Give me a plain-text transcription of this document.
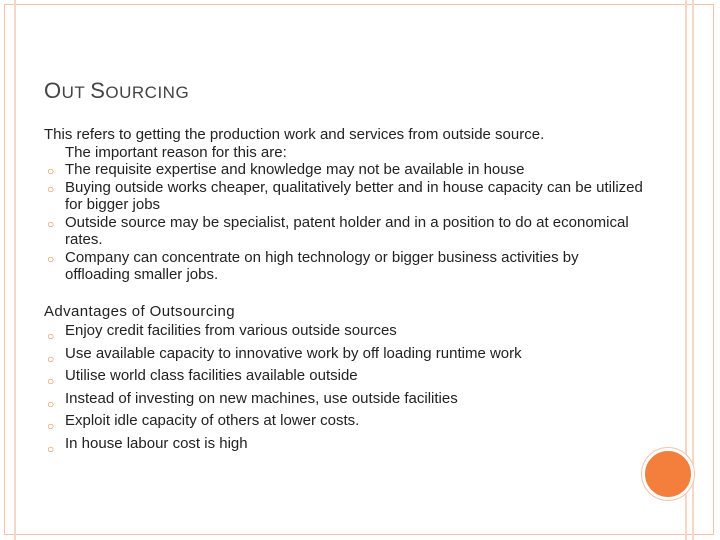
OUT SOURCING
This refers to getting the production work and services from outside source.
The important reason for this are:
○ The requisite expertise and knowledge may not be available in house
○ Buying outside works cheaper, qualitatively better and in house capacity can be utilized for bigger jobs
○ Outside source may be specialist, patent holder and in a position to do at economical rates.
○ Company can concentrate on high technology or bigger business activities by offloading smaller jobs.
Advantages of Outsourcing
○ Enjoy credit facilities from various outside sources
○ Use available capacity to innovative work by off loading runtime work
○ Utilise world class facilities available outside
○ Instead of investing on new machines, use outside facilities
○ Exploit idle capacity of others at lower costs.
○ In house labour cost is high
